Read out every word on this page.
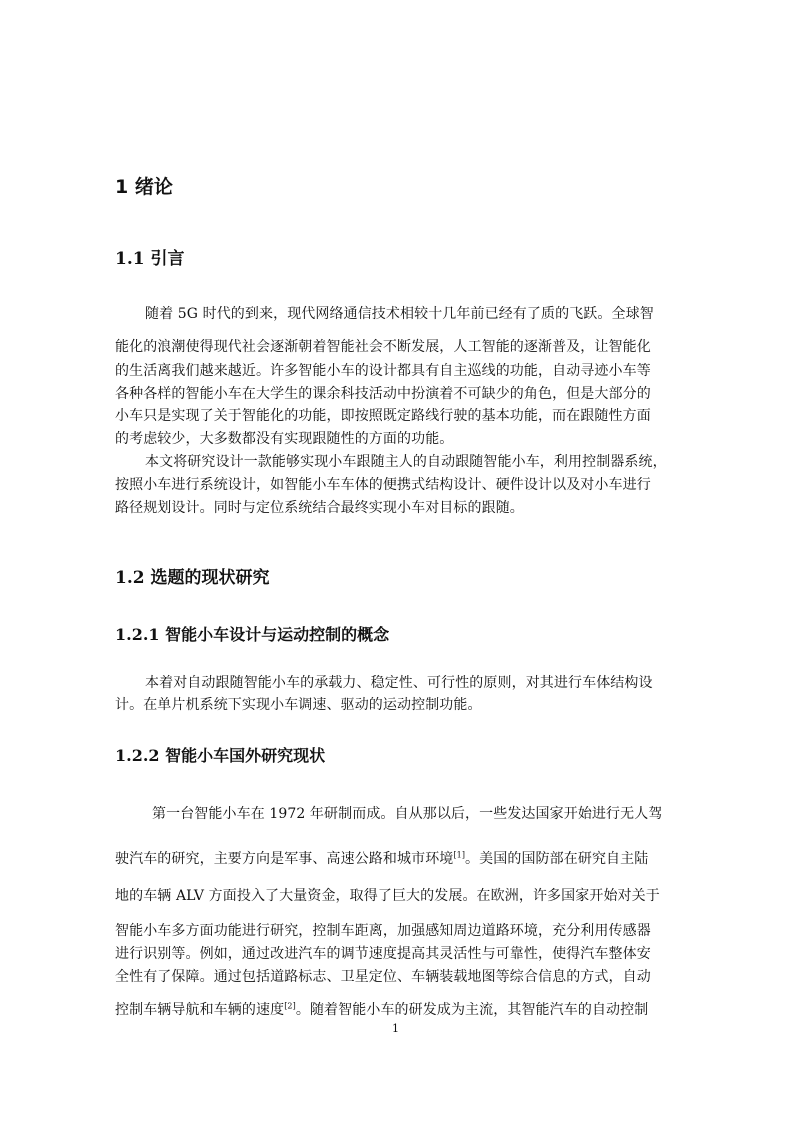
1 绪论
1.1 引言
随着 5G 时代的到来，现代网络通信技术相较十几年前已经有了质的飞跃。全球智
能化的浪潮使得现代社会逐渐朝着智能社会不断发展，人工智能的逐渐普及，让智能化
的生活离我们越来越近。许多智能小车的设计都具有自主巡线的功能，自动寻迹小车等
各种各样的智能小车在大学生的课余科技活动中扮演着不可缺少的角色，但是大部分的
小车只是实现了关于智能化的功能，即按照既定路线行驶的基本功能，而在跟随性方面
的考虑较少，大多数都没有实现跟随性的方面的功能。
本文将研究设计一款能够实现小车跟随主人的自动跟随智能小车，利用控制器系统，
按照小车进行系统设计，如智能小车车体的便携式结构设计、硬件设计以及对小车进行
路径规划设计。同时与定位系统结合最终实现小车对目标的跟随。
1.2 选题的现状研究
1.2.1 智能小车设计与运动控制的概念
本着对自动跟随智能小车的承载力、稳定性、可行性的原则，对其进行车体结构设
计。在单片机系统下实现小车调速、驱动的运动控制功能。
1.2.2 智能小车国外研究现状
第一台智能小车在 1972 年研制而成。自从那以后，一些发达国家开始进行无人驾
驶汽车的研究，主要方向是军事、高速公路和城市环境[1]。美国的国防部在研究自主陆
地的车辆 ALV 方面投入了大量资金，取得了巨大的发展。在欧洲，许多国家开始对关于
智能小车多方面功能进行研究，控制车距离，加强感知周边道路环境，充分利用传感器
进行识别等。例如，通过改进汽车的调节速度提高其灵活性与可靠性，使得汽车整体安
全性有了保障。通过包括道路标志、卫星定位、车辆装载地图等综合信息的方式，自动
控制车辆导航和车辆的速度[2]。随着智能小车的研发成为主流，其智能汽车的自动控制
1
